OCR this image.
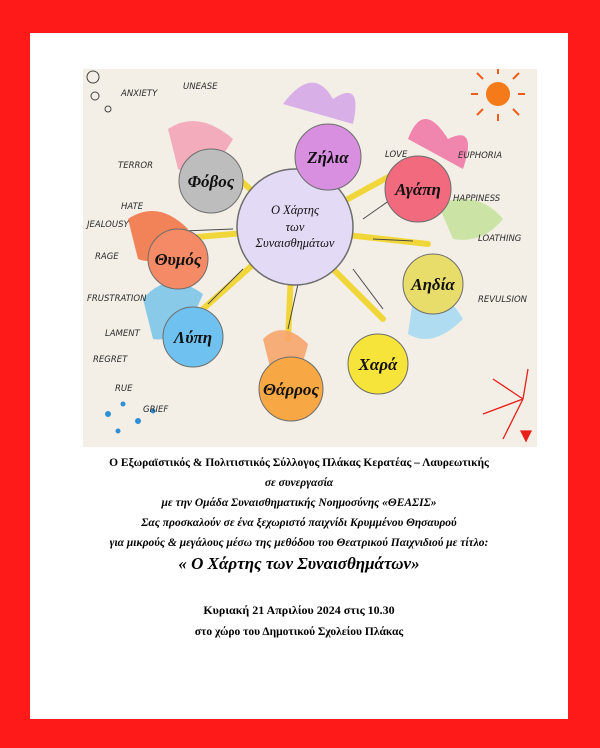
Ο Χάρτης
των
Συναισθημάτων
Ζήλια
Αγάπη
Αηδία
Χαρά
Θάρρος
Λύπη
Θυμός
Φόβος
ANXIETY
UNEASE
TERROR
HATE
JEALOUSY
RAGE
FRUSTRATION
LAMENT
REGRET
RUE
GRIEF
LOVE	EUPHORIA
HAPPINESS
LOATHING
REVULSION
Ο Εξωραϊστικός & Πολιτιστικός Σύλλογος Πλάκας Κερατέας – Λαυρεωτικής
σε συνεργασία
με την Ομάδα Συναισθηματικής Νοημοσύνης «ΘΕΑΣΙΣ»
Σας προσκαλούν σε ένα ξεχωριστό παιχνίδι Κρυμμένου Θησαυρού
για μικρούς & μεγάλους μέσω της μεθόδου του Θεατρικού Παιχνιδιού με τίτλο:
« Ο Χάρτης των Συναισθημάτων»
Κυριακή 21 Απριλίου 2024 στις 10.30
στο χώρο του Δημοτικού Σχολείου Πλάκας
